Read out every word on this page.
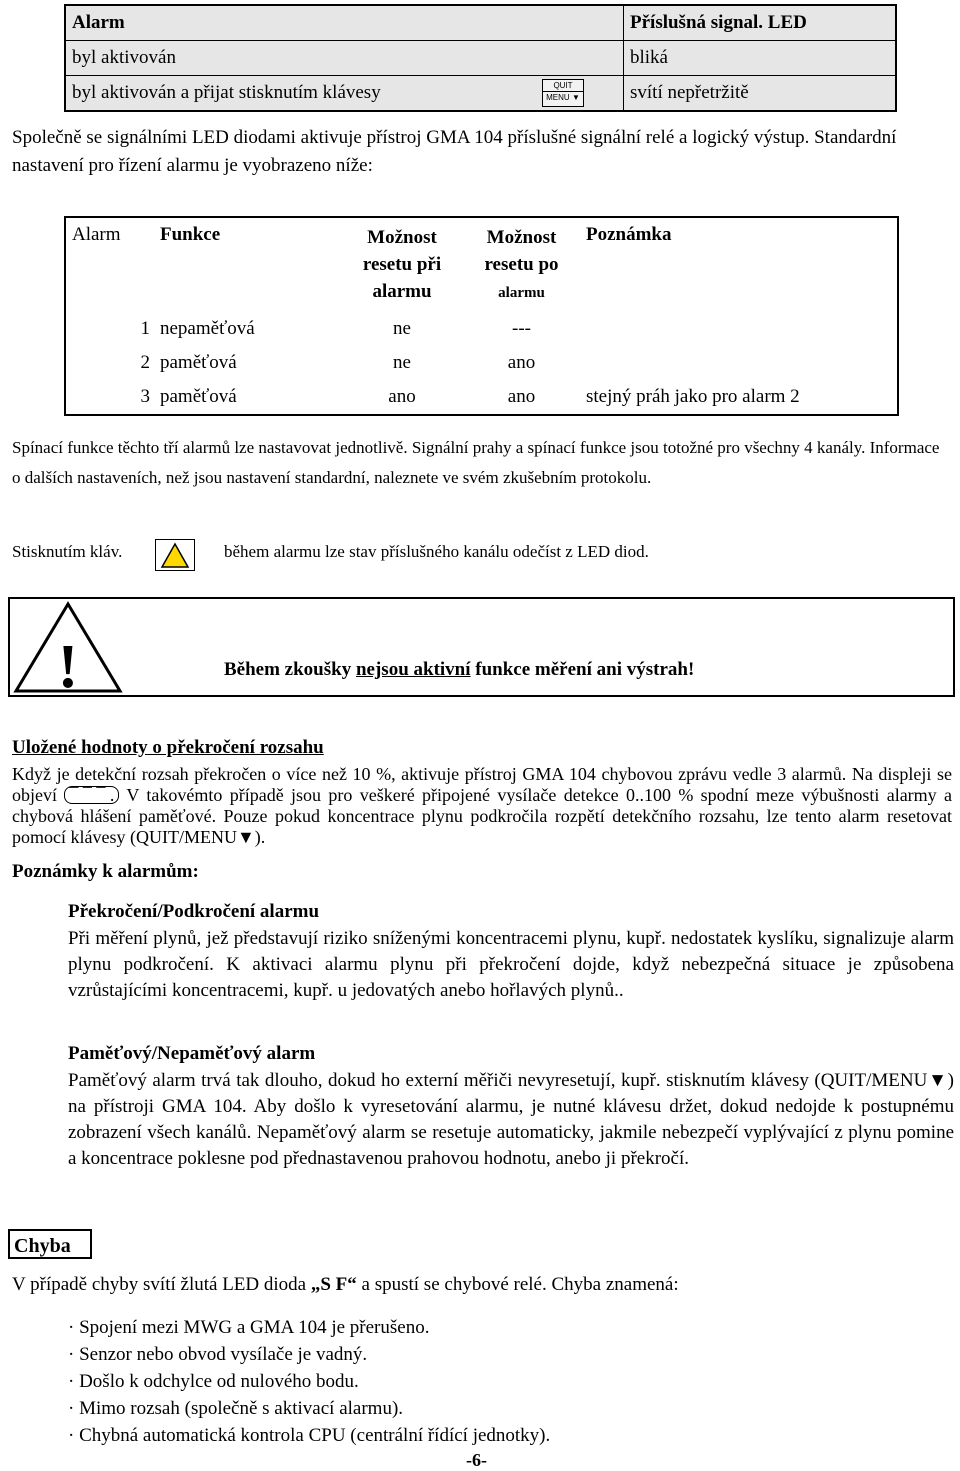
Alarm	Příslušná signal. LED
byl aktivován	bliká
byl aktivován a přijat stisknutím klávesy	svítí nepřetržitě
QUIT
MENU ▼
Společně se signálními LED diodami aktivuje přístroj GMA 104 příslušné signální relé a logický výstup. Standardní nastavení pro řízení alarmu je vyobrazeno níže:
Alarm	Funkce	Možnost resetu při alarmu	Možnost resetu po
alarmu	Poznámka
1	nepaměťová	ne	---	
2	paměťová	ne	ano	
3	paměťová	ano	ano	stejný práh jako pro alarm 2
Spínací funkce těchto tří alarmů lze nastavovat jednotlivě. Signální prahy a spínací funkce jsou totožné pro všechny 4 kanály. Informace o dalších nastaveních, než jsou nastavení standardní, naleznete ve svém zkušebním protokolu.
Stisknutím kláv.	během alarmu lze stav příslušného kanálu odečíst z LED diod.
!	Během zkoušky nejsou aktivní funkce měření ani výstrah!
Uložené hodnoty o překročení rozsahu
Když je detekční rozsah překročen o více než 10 %, aktivuje přístroj GMA 104 chybovou zprávu vedle 3 alarmů. Na displeji se objeví ¯ ¯ ¯ . V takovémto případě jsou pro veškeré připojené vysílače detekce 0..100 % spodní meze výbušnosti alarmy a chybová hlášení paměťové. Pouze pokud koncentrace plynu podkročila rozpětí detekčního rozsahu, lze tento alarm resetovat pomocí klávesy (QUIT/MENU▼).
Poznámky k alarmům:
Překročení/Podkročení alarmu
Při měření plynů, jež představují riziko sníženými koncentracemi plynu, kupř. nedostatek kyslíku, signalizuje alarm plynu podkročení. K aktivaci alarmu plynu při překročení dojde, když nebezpečná situace je způsobena vzrůstajícími koncentracemi, kupř. u jedovatých anebo hořlavých plynů..
Paměťový/Nepaměťový alarm
Paměťový alarm trvá tak dlouho, dokud ho externí měřiči nevyresetují, kupř. stisknutím klávesy (QUIT/MENU▼) na přístroji GMA 104. Aby došlo k vyresetování alarmu, je nutné klávesu držet, dokud nedojde k postupnému zobrazení všech kanálů. Nepaměťový alarm se resetuje automaticky, jakmile nebezpečí vyplývající z plynu pomine a koncentrace poklesne pod přednastavenou prahovou hodnotu, anebo ji překročí.
Chyba
V případě chyby svítí žlutá LED dioda „S F“ a spustí se chybové relé. Chyba znamená:
· Spojení mezi MWG a GMA 104 je přerušeno.
· Senzor nebo obvod vysílače je vadný.
· Došlo k odchylce od nulového bodu.
· Mimo rozsah (společně s aktivací alarmu).
· Chybná automatická kontrola CPU (centrální řídící jednotky).
-6-
